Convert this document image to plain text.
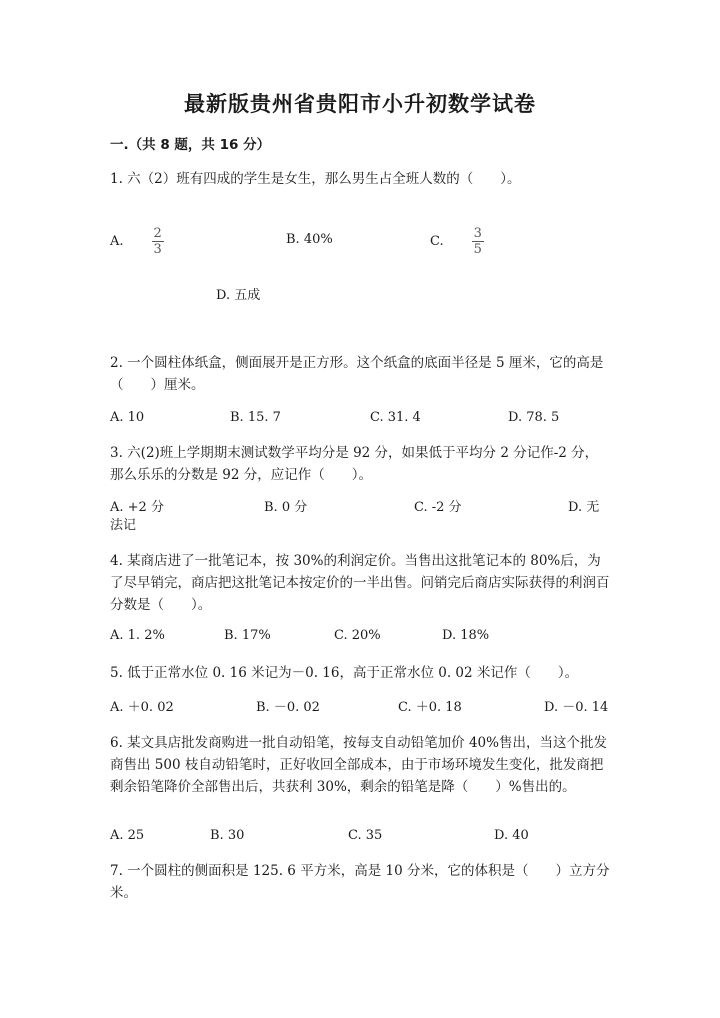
最新版贵州省贵阳市小升初数学试卷
一.（共 8 题，共 16 分）
1. 六（2）班有四成的学生是女生，那么男生占全班人数的（　　）。
A. $\frac{2}{3}$	B. 40%	C. $\frac{3}{5}$
D. 五成
2. 一个圆柱体纸盒，侧面展开是正方形。这个纸盒的底面半径是 5 厘米，它的高是（　　）厘米。
A. 10	B. 15. 7	C. 31. 4	D. 78. 5
3. 六(2)班上学期期末测试数学平均分是 92 分，如果低于平均分 2 分记作-2 分，那么乐乐的分数是 92 分，应记作（　　）。
A. +2 分	B. 0 分	C. -2 分	D. 无
法记
4. 某商店进了一批笔记本，按 30%的利润定价。当售出这批笔记本的 80%后，为了尽早销完，商店把这批笔记本按定价的一半出售。问销完后商店实际获得的利润百分数是（　　）。
A. 1. 2%	B. 17%	C. 20%	D. 18%
5. 低于正常水位 0. 16 米记为－0. 16，高于正常水位 0. 02 米记作（　　）。
A. ＋0. 02	B. －0. 02	C. ＋0. 18	D. －0. 14
6. 某文具店批发商购进一批自动铅笔，按每支自动铅笔加价 40%售出，当这个批发商售出 500 枝自动铅笔时，正好收回全部成本，由于市场环境发生变化，批发商把剩余铅笔降价全部售出后，共获利 30%，剩余的铅笔是降（　　）%售出的。
A. 25	B. 30	C. 35	D. 40
7. 一个圆柱的侧面积是 125. 6 平方米，高是 10 分米，它的体积是（　　）立方分米。
